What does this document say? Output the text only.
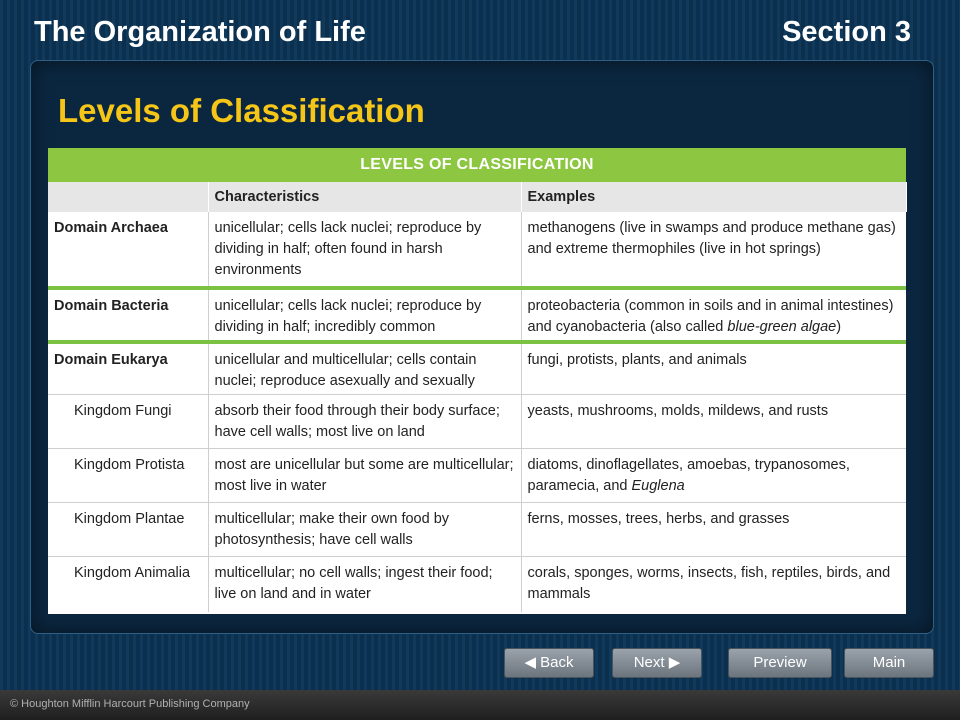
The Organization of Life	Section 3
Levels of Classification
LEVELS OF CLASSIFICATION		
	Characteristics	Examples
Domain Archaea	unicellular; cells lack nuclei; reproduce by dividing in half; often found in harsh environments	methanogens (live in swamps and produce methane gas) and extreme thermophiles (live in hot springs)
Domain Bacteria	unicellular; cells lack nuclei; reproduce by dividing in half; incredibly common	proteobacteria (common in soils and in animal intestines) and cyanobacteria (also called blue-green algae)
Domain Eukarya	unicellular and multicellular; cells contain nuclei; reproduce asexually and sexually	fungi, protists, plants, and animals
Kingdom Fungi	absorb their food through their body surface; have cell walls; most live on land	yeasts, mushrooms, molds, mildews, and rusts
Kingdom Protista	most are unicellular but some are multicellular; most live in water	diatoms, dinoflagellates, amoebas, trypanosomes, paramecia, and Euglena
Kingdom Plantae	multicellular; make their own food by photosynthesis; have cell walls	ferns, mosses, trees, herbs, and grasses
Kingdom Animalia	multicellular; no cell walls; ingest their food; live on land and in water	corals, sponges, worms, insects, fish, reptiles, birds, and mammals
◀ Back	Next ▶	Preview	Main
© Houghton Mifflin Harcourt Publishing Company
